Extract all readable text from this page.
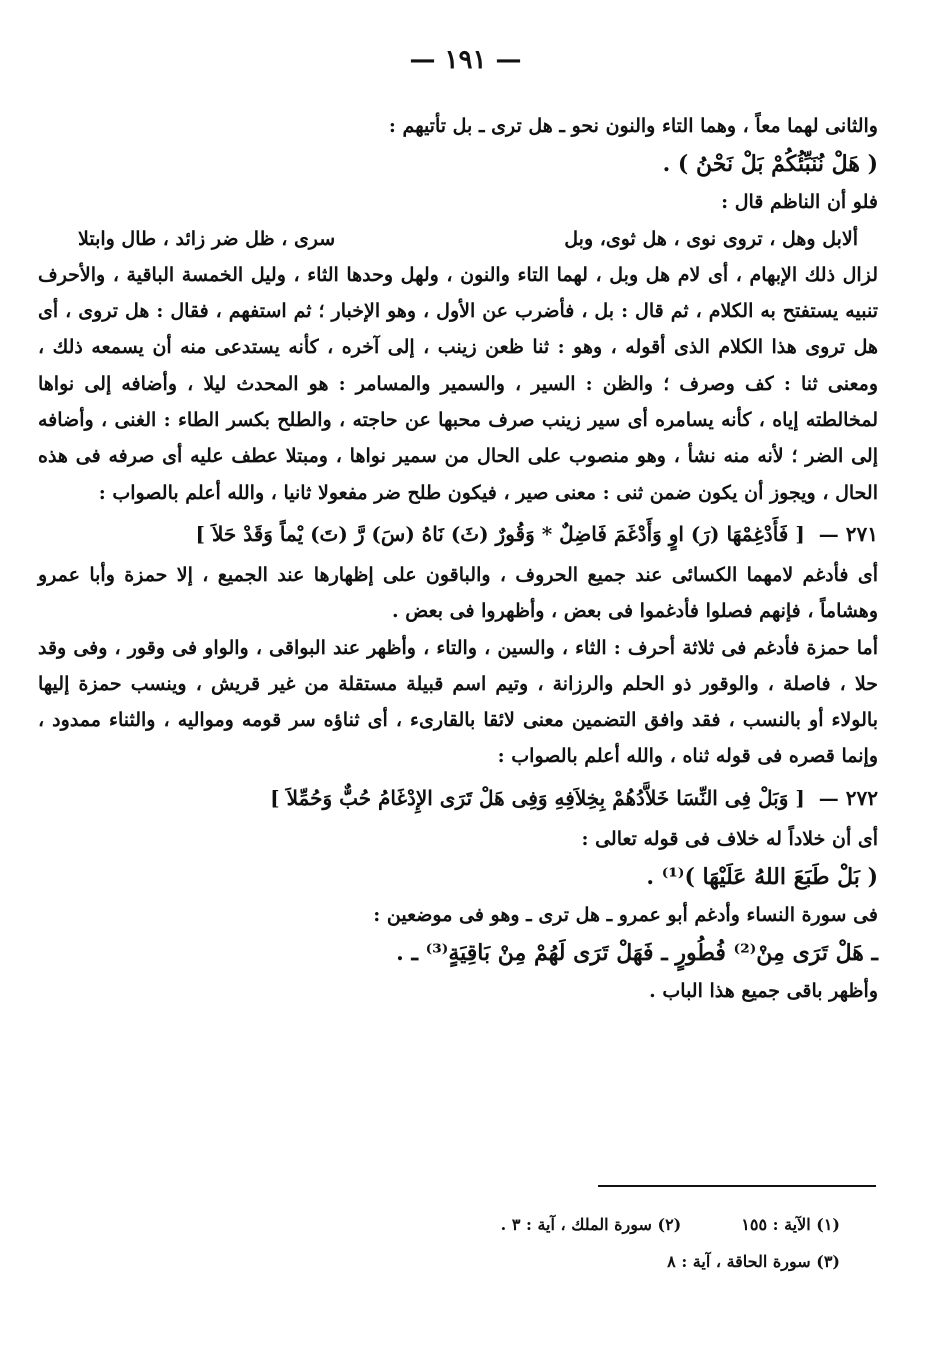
— ١٩١ —

والثانى لهما معاً ، وهما التاء والنون نحو ـ هل ترى ـ بل تأتيهم :

( هَلْ نُنَبِّئُكُمْ بَلْ نَحْنُ ) .

فلو أن الناظم قال :

ألابل وهل ، تروى نوى ، هل ثوى، وبل
سرى ، ظل ضر زائد ، طال وابتلا

لزال ذلك الإبهام ، أى لام هل وبل ، لهما التاء والنون ، ولهل وحدها الثاء ، وليل الخمسة الباقية ، والأحرف تنبيه يستفتح به الكلام ، ثم قال : بل ، فأضرب عن الأول ، وهو الإخبار ؛ ثم استفهم ، فقال : هل تروى ، أى هل تروى هذا الكلام الذى أقوله ، وهو : ثنا ظعن زينب ، إلى آخره ، كأنه يستدعى منه أن يسمعه ذلك ، ومعنى ثنا : كف وصرف ؛ والظن : السير ، والسمير والمسامر : هو المحدث ليلا ، وأضافه إلى نواها لمخالطته إياه ، كأنه يسامره أى سير زينب صرف محبها عن حاجته ، والطلح بكسر الطاء : الغنى ، وأضافه إلى الضر ؛ لأنه منه نشأ ، وهو منصوب على الحال من سمير نواها ، ومبتلا عطف عليه أى صرفه فى هذه الحال ، ويجوز أن يكون ضمن ثنى : معنى صير ، فيكون طلح ضر مفعولا ثانيا ، والله أعلم بالصواب :

٢٧١ —
[ فَأَدْغِمْهَا (رَ) اوٍ وَأَدْغَمَ فَاضِلٌ * وَقُورٌ (ثَ) نَاهُ (سَ) رَّ (تَ) يْماً وَقَدْ حَلاَ ]

أى فأدغم لامهما الكسائى عند جميع الحروف ، والباقون على إظهارها عند الجميع ، إلا حمزة وأبا عمرو وهشاماً ، فإنهم فصلوا فأدغموا فى بعض ، وأظهروا فى بعض .

أما حمزة فأدغم فى ثلاثة أحرف : الثاء ، والسين ، والتاء ، وأظهر عند البواقى ، والواو فى وقور ، وفى وقد حلا ، فاصلة ، والوقور ذو الحلم والرزانة ، وتيم اسم قبيلة مستقلة من غير قريش ، وينسب حمزة إليها بالولاء أو بالنسب ، فقد وافق التضمين معنى لائقا بالقارىء ، أى ثناؤه سر قومه ومواليه ، والثناء ممدود ، وإنما قصره فى قوله ثناه ، والله أعلم بالصواب :

٢٧٢ —
[ وَبَلْ فِى النِّسَا خَلاَّدُهُمْ بِخِلاَفِهِ وَفِى هَلْ تَرَى الإِدْغَامُ حُبٌّ وَحُمِّلاَ ]

أى أن خلاداً له خلاف فى قوله تعالى :

( بَلْ طَبَعَ اللهُ عَلَيْهَا )⁽¹⁾ .

فى سورة النساء وأدغم أبو عمرو ـ هل ترى ـ وهو فى موضعين :

ـ هَلْ تَرَى مِنْ⁽²⁾ فُطُورٍ ـ فَهَلْ تَرَى لَهُمْ مِنْ بَاقِيَةٍ⁽³⁾ ـ .

وأظهر باقى جميع هذا الباب .

(١) الآية : ١٥٥
(٢) سورة الملك ، آية : ٣ .
(٣) سورة الحاقة ، آية : ٨
